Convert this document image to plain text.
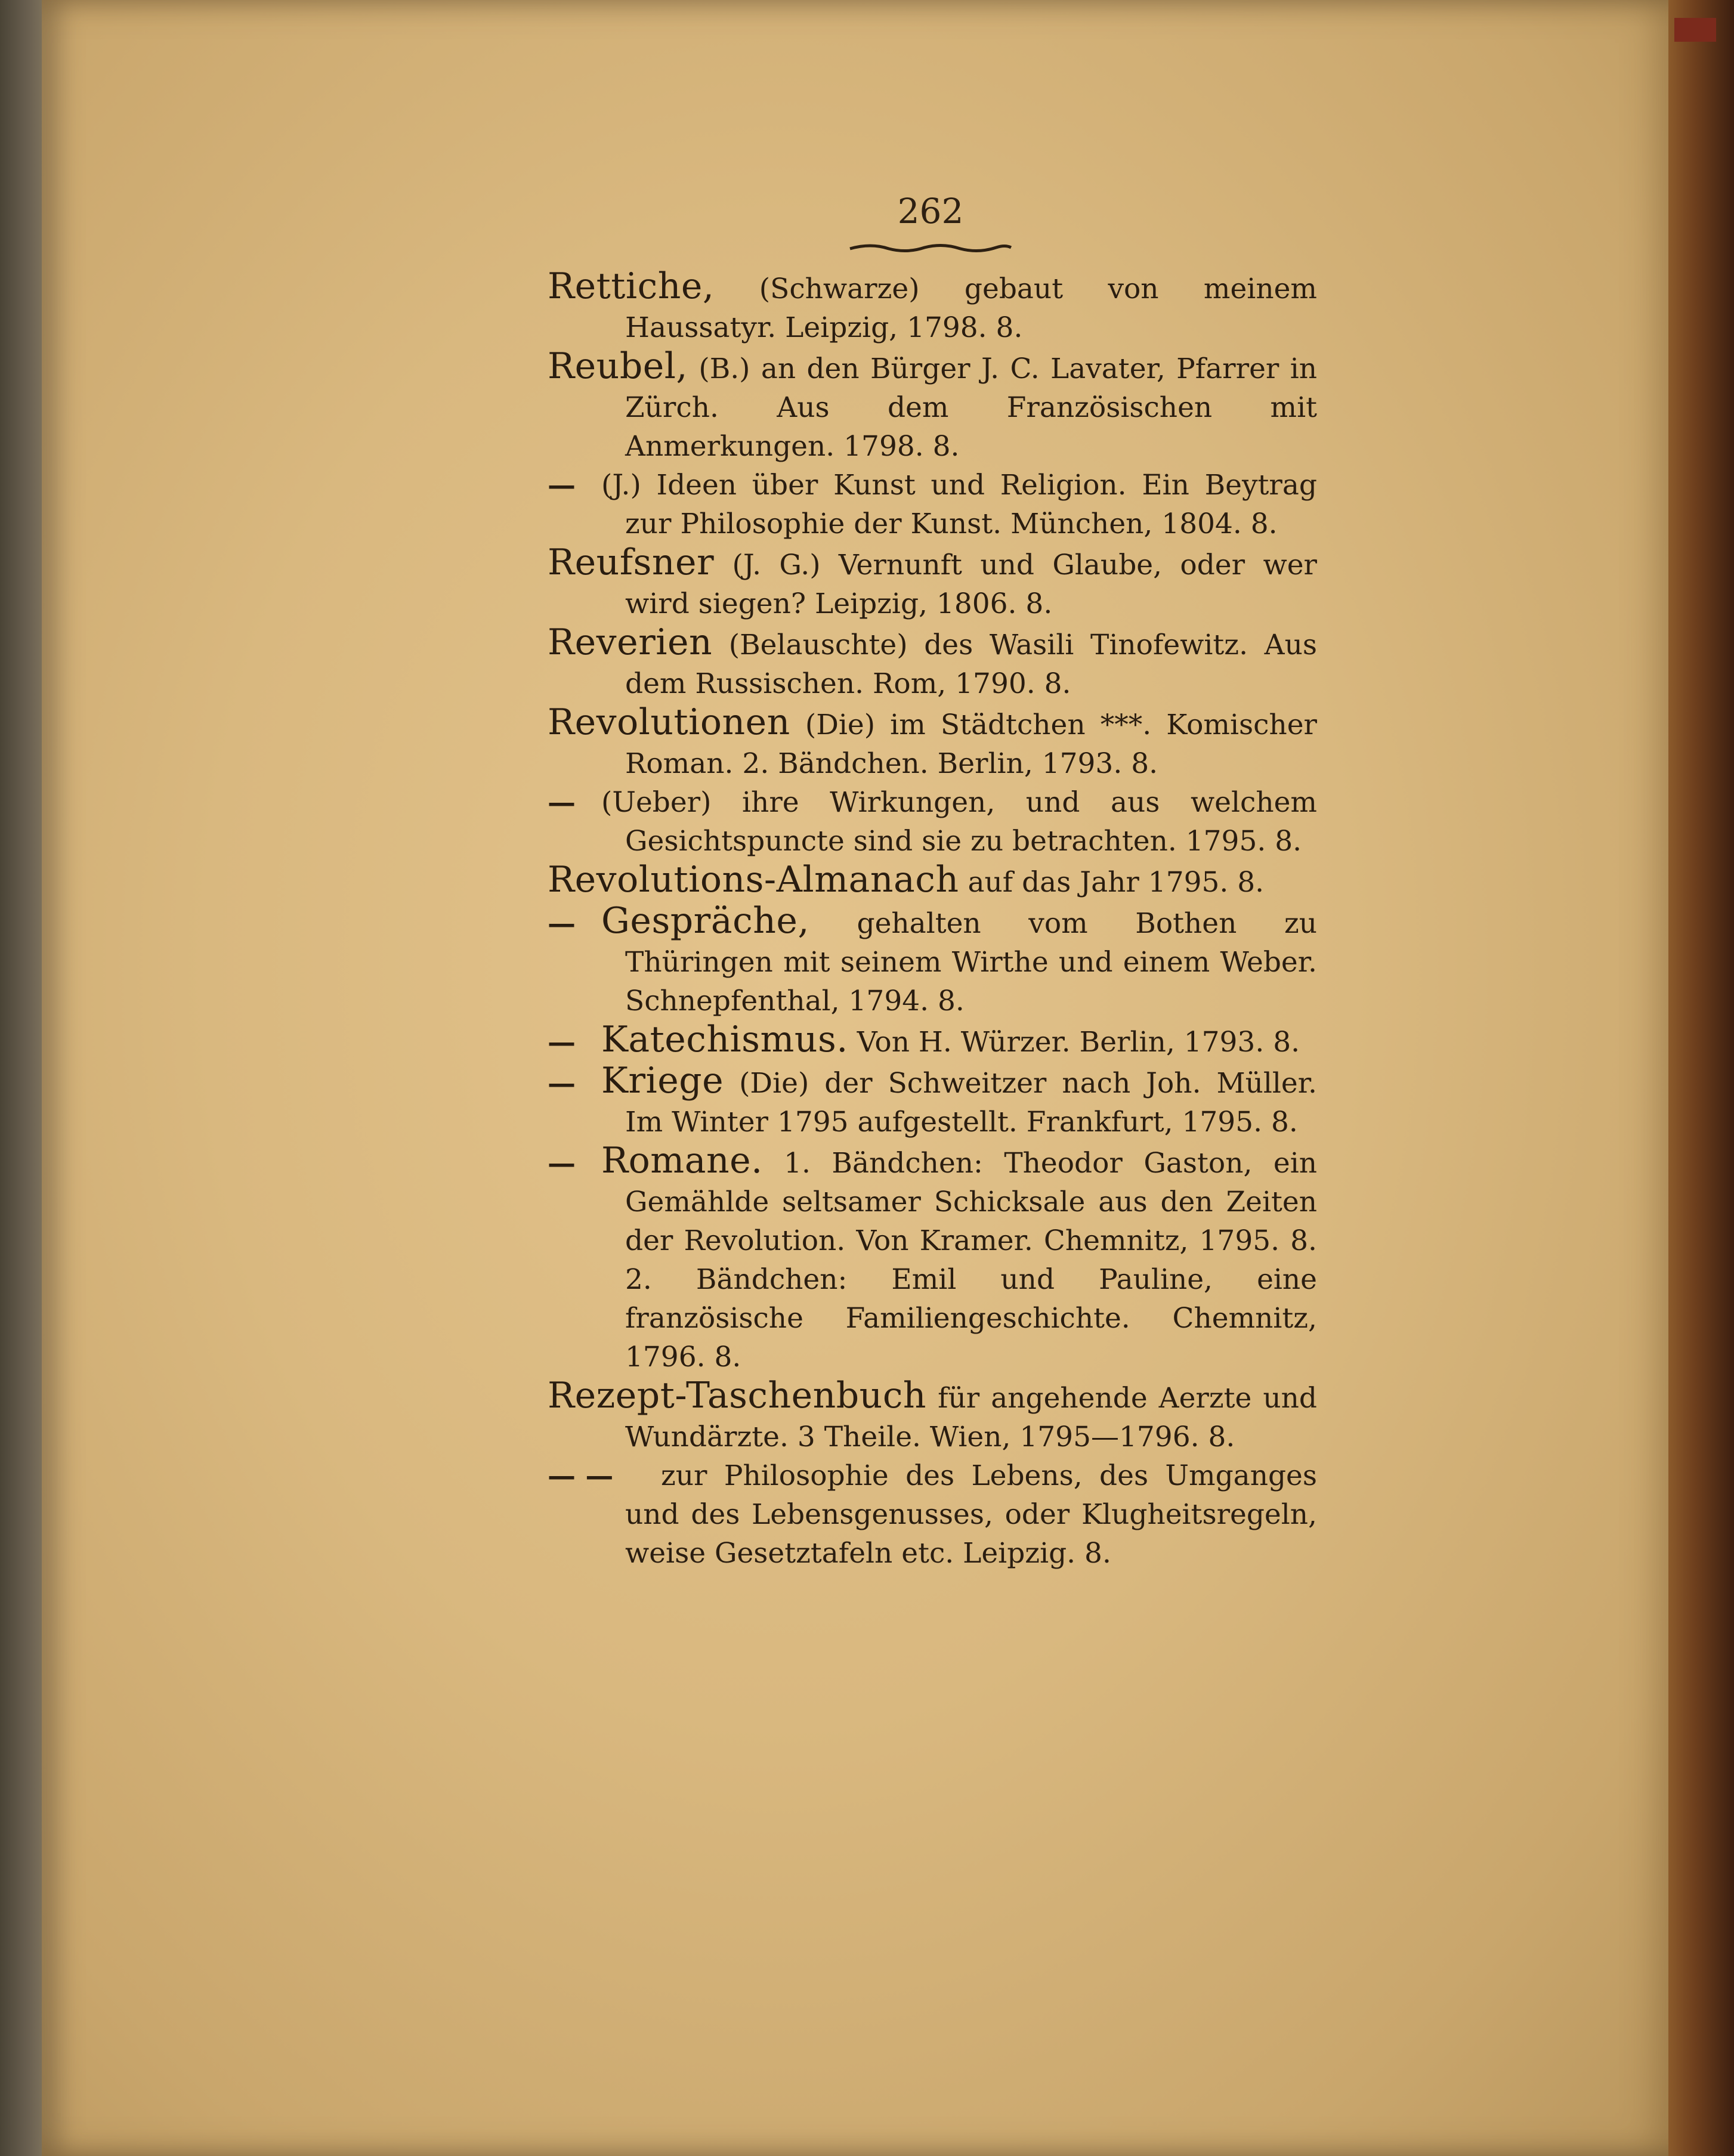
262

Rettiche, (Schwarze) gebaut von meinem Haussatyr. Leipzig, 1798. 8.

Reubel, (B.) an den Bürger J. C. Lavater, Pfarrer in Zürch. Aus dem Französischen mit Anmerkungen. 1798. 8.

— (J.) Ideen über Kunst und Religion. Ein Beytrag zur Philosophie der Kunst. München, 1804. 8.

Reufsner (J. G.) Vernunft und Glaube, oder wer wird siegen? Leipzig, 1806. 8.

Reverien (Belauschte) des Wasili Tinofewitz. Aus dem Russischen. Rom, 1790. 8.

Revolutionen (Die) im Städtchen ***. Komischer Roman. 2. Bändchen. Berlin, 1793. 8.

— (Ueber) ihre Wirkungen, und aus welchem Gesichtspuncte sind sie zu betrachten. 1795. 8.

Revolutions-Almanach auf das Jahr 1795. 8.

— Gespräche, gehalten vom Bothen zu Thüringen mit seinem Wirthe und einem Weber. Schnepfenthal, 1794. 8.

— Katechismus. Von H. Würzer. Berlin, 1793. 8.

— Kriege (Die) der Schweitzer nach Joh. Müller. Im Winter 1795 aufgestellt. Frankfurt, 1795. 8.

— Romane. 1. Bändchen: Theodor Gaston, ein Gemählde seltsamer Schicksale aus den Zeiten der Revolution. Von Kramer. Chemnitz, 1795. 8. 2. Bändchen: Emil und Pauline, eine französische Familiengeschichte. Chemnitz, 1796. 8.

Rezept-Taschenbuch für angehende Aerzte und Wundärzte. 3 Theile. Wien, 1795—1796. 8.

— — zur Philosophie des Lebens, des Umganges und des Lebensgenusses, oder Klugheitsregeln, weise Gesetztafeln etc. Leipzig. 8.
